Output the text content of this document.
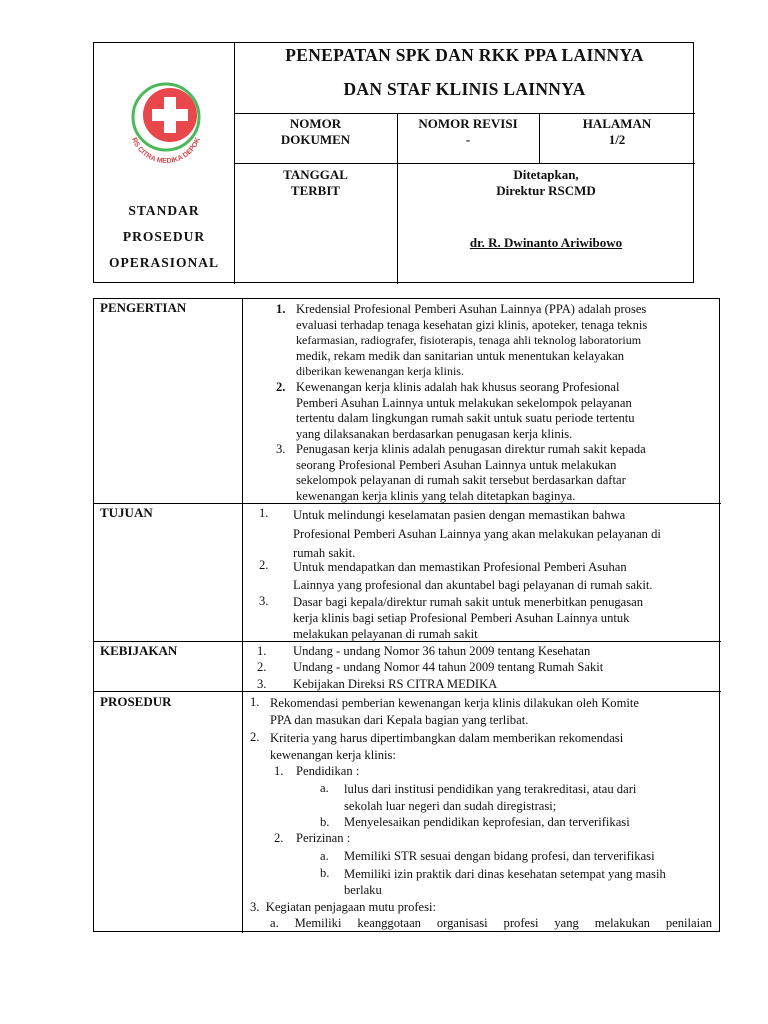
PENEPATAN SPK DAN RKK PPA LAINNYA
DAN STAF KLINIS LAINNYA
RS CITRA MEDIKA DEPOK
STANDAR
PROSEDUR
OPERASIONAL
NOMOR
DOKUMEN
NOMOR REVISI
-
HALAMAN
1/2
TANGGAL
TERBIT
Ditetapkan,
Direktur RSCMD
dr. R. Dwinanto Ariwibowo
PENGERTIAN	1. Kredensial Profesional Pemberi Asuhan Lainnya (PPA) adalah proses
evaluasi terhadap tenaga kesehatan gizi klinis, apoteker, tenaga teknis
kefarmasian, radiografer, fisioterapis, tenaga ahli teknolog laboratorium
medik, rekam medik dan sanitarian untuk menentukan kelayakan
diberikan kewenangan kerja klinis.
2. Kewenangan kerja klinis adalah hak khusus seorang Profesional
Pemberi Asuhan Lainnya untuk melakukan sekelompok pelayanan
tertentu dalam lingkungan rumah sakit untuk suatu periode tertentu
yang dilaksanakan berdasarkan penugasan kerja klinis.
3. Penugasan kerja klinis adalah penugasan direktur rumah sakit kepada
seorang Profesional Pemberi Asuhan Lainnya untuk melakukan
sekelompok pelayanan di rumah sakit tersebut berdasarkan daftar
kewenangan kerja klinis yang telah ditetapkan baginya.
TUJUAN	1. Untuk melindungi keselamatan pasien dengan memastikan bahwa
Profesional Pemberi Asuhan Lainnya yang akan melakukan pelayanan di
rumah sakit.
2. Untuk mendapatkan dan memastikan Profesional Pemberi Asuhan
Lainnya yang profesional dan akuntabel bagi pelayanan di rumah sakit.
3. Dasar bagi kepala/direktur rumah sakit untuk menerbitkan penugasan
kerja klinis bagi setiap Profesional Pemberi Asuhan Lainnya untuk
melakukan pelayanan di rumah sakit
KEBIJAKAN	1. Undang - undang Nomor 36 tahun 2009 tentang Kesehatan
2. Undang - undang Nomor 44 tahun 2009 tentang Rumah Sakit
3. Kebijakan Direksi RS CITRA MEDIKA
PROSEDUR	1. Rekomendasi pemberian kewenangan kerja klinis dilakukan oleh Komite
PPA dan masukan dari Kepala bagian yang terlibat.
2. Kriteria yang harus dipertimbangkan dalam memberikan rekomendasi
kewenangan kerja klinis:
1. Pendidikan :
a. lulus dari institusi pendidikan yang terakreditasi, atau dari
sekolah luar negeri dan sudah diregistrasi;
b. Menyelesaikan pendidikan keprofesian, dan terverifikasi
2. Perizinan :
a. Memiliki STR sesuai dengan bidang profesi, dan terverifikasi
b. Memiliki izin praktik dari dinas kesehatan setempat yang masih
berlaku
3.  Kegiatan penjagaan mutu profesi:
a. Memiliki keanggotaan organisasi profesi yang melakukan penilaian
